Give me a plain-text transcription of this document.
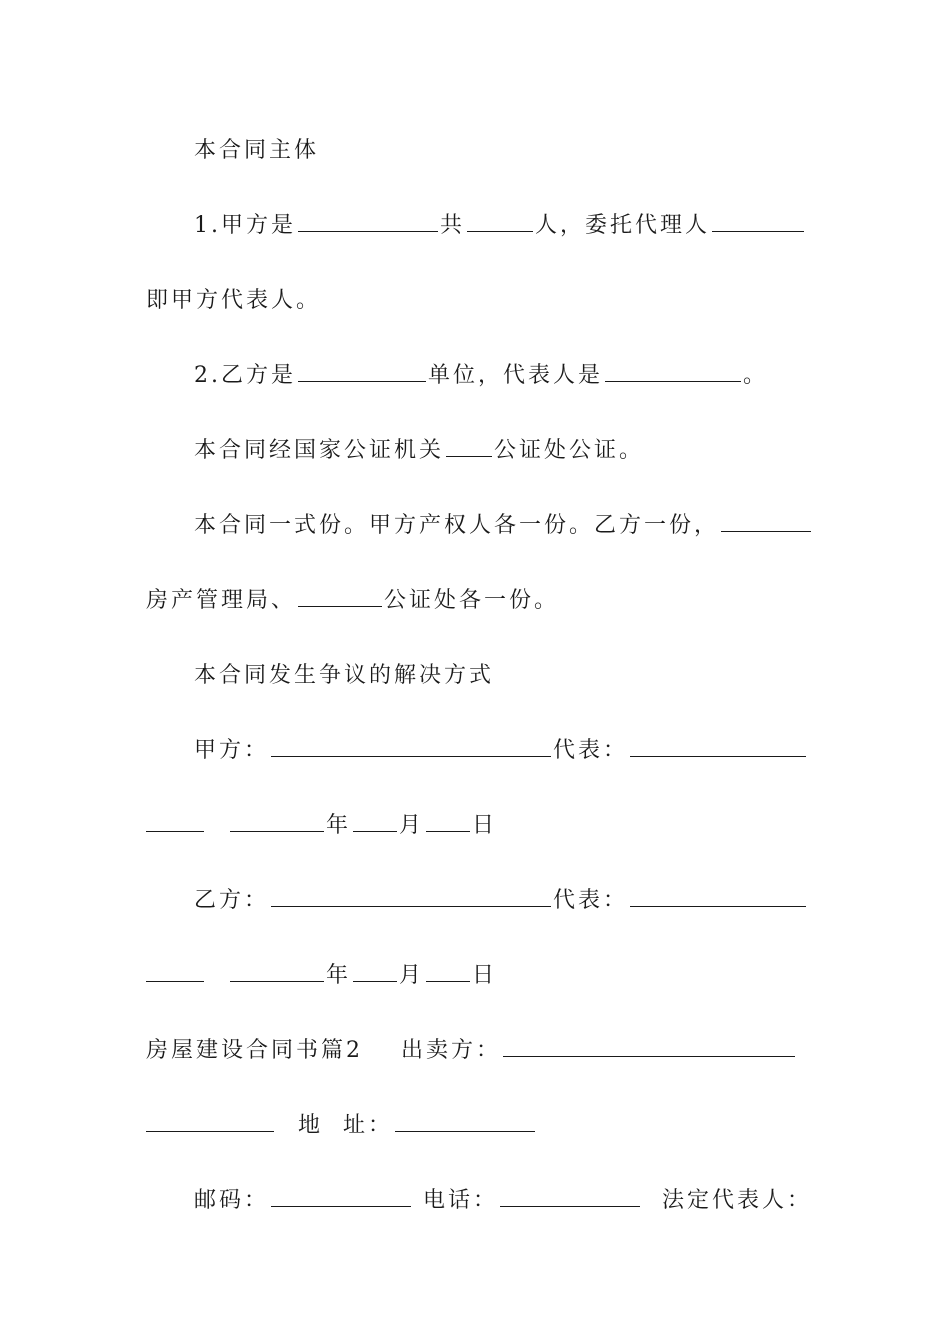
本合同主体
1.甲方是	共	人，委托代理人
即甲方代表人。
2.乙方是	单位，代表人是	。
本合同经国家公证机关 公证处公证。
本合同一式份。甲方产权人各一份。乙方一份，
房产管理局、	公证处各一份。
本合同发生争议的解决方式
甲方：	代表：
年 月 日
乙方：	代表：
年 月 日
房屋建设合同书篇2 出卖方：
地  址：
邮码：	电话：	法定代表人：
